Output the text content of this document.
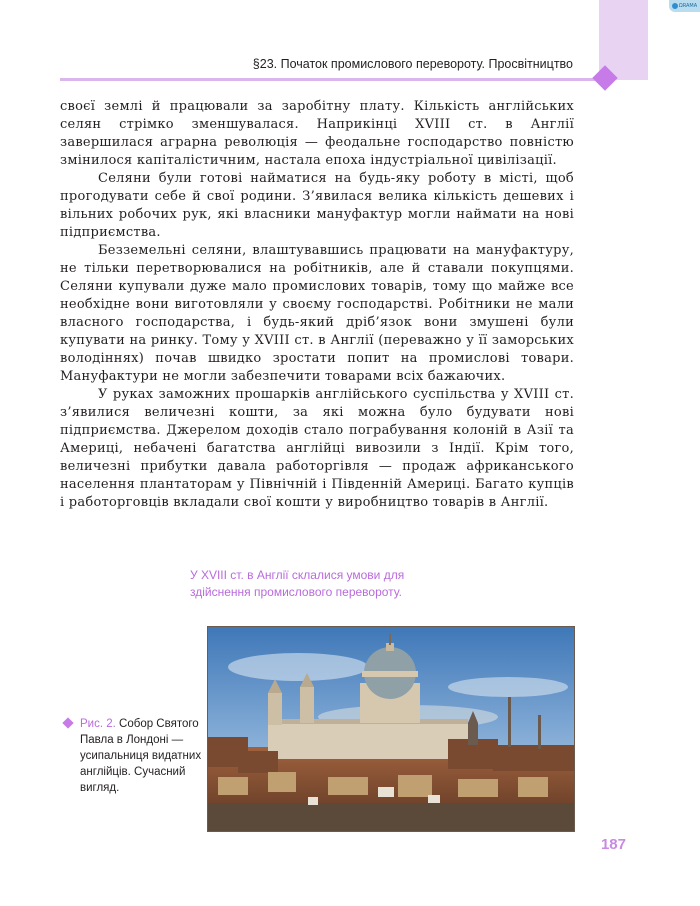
ΩRAMA
§23. Початок промислового перевороту. Просвітництво

своєї землі й працювали за заробітну плату. Кількість англійських селян стрімко зменшувалася. Наприкінці XVIII ст. в Англії завершилася аграрна революція — феодальне господарство повністю змінилося капіталістичним, настала епоха індустріальної цивілізації.

Селяни були готові найматися на будь-яку роботу в місті, щоб прогодувати себе й свої родини. З’явилася велика кількість дешевих і вільних робочих рук, які власники мануфактур могли наймати на нові підприємства.

Безземельні селяни, влаштувавшись працювати на мануфактуру, не тільки перетворювалися на робітників, але й ставали покупцями. Селяни купували дуже мало промислових товарів, тому що майже все необхідне вони виготовляли у своєму господарстві. Робітники не мали власного господарства, і будь-який дріб’язок вони змушені були купувати на ринку. Тому у XVIII ст. в Англії (переважно у її заморських володіннях) почав швидко зростати попит на промислові товари. Мануфактури не могли забезпечити товарами всіх бажаючих.

У руках заможних прошарків англійського суспільства у XVIII ст. з’явилися величезні кошти, за які можна було будувати нові підприємства. Джерелом доходів стало пограбування колоній в Азії та Америці, небачені багатства англійці вивозили з Індії. Крім того, величезні прибутки давала работоргівля — продаж африканського населення плантаторам у Північній і Південній Америці. Багато купців і работорговців вкладали свої кошти у виробництво товарів в Англії.

У XVIII ст. в Англії склалися умови для
здійснення промислового перевороту.
Рис. 2. Собор Святого Павла в Лондоні — усипальниця видатних англійців. Сучасний вигляд.
187
